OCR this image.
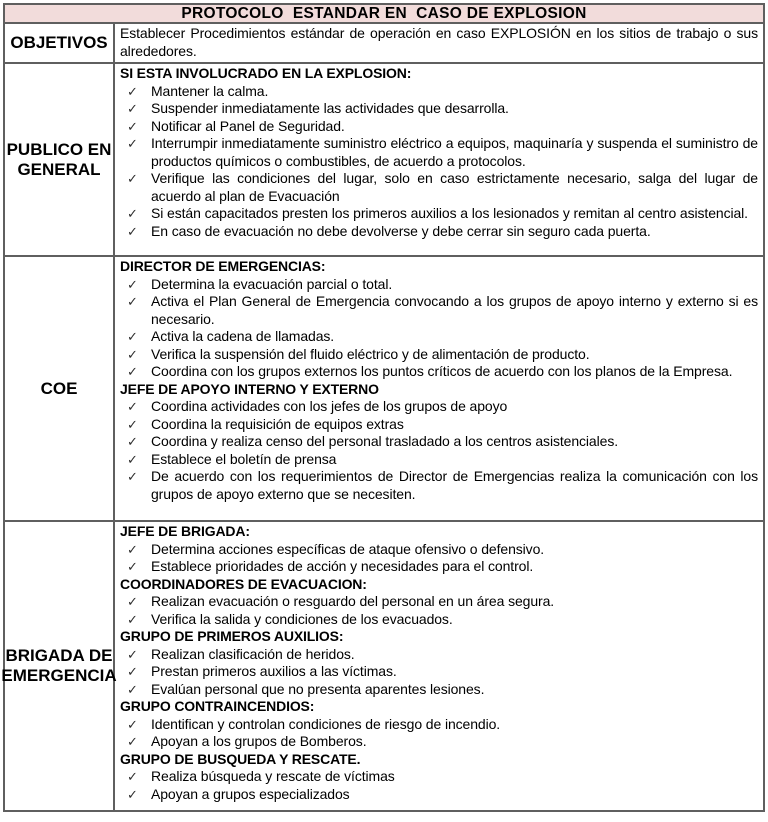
PROTOCOLO  ESTANDAR EN  CASO DE EXPLOSION
OBJETIVOS Establecer Procedimientos estándar de operación en caso EXPLOSIÓN en los sitios de trabajo o sus alrededores.
PUBLICO EN GENERAL
SI ESTA INVOLUCRADO EN LA EXPLOSION:
✓ Mantener la calma.
✓ Suspender inmediatamente las actividades que desarrolla.
✓ Notificar al Panel de Seguridad.
✓ Interrumpir inmediatamente suministro eléctrico a equipos, maquinaría y suspenda el suministro de productos químicos o combustibles, de acuerdo a protocolos.
✓ Verifique las condiciones del lugar, solo en caso estrictamente necesario, salga del lugar de acuerdo al plan de Evacuación
✓ Si están capacitados presten los primeros auxilios a los lesionados y remitan al centro asistencial.
✓ En caso de evacuación no debe devolverse y debe cerrar sin seguro cada puerta.
COE
DIRECTOR DE EMERGENCIAS:
✓ Determina la evacuación parcial o total.
✓ Activa el Plan General de Emergencia convocando a los grupos de apoyo interno y externo si es necesario.
✓ Activa la cadena de llamadas.
✓ Verifica la suspensión del fluido eléctrico y de alimentación de producto.
✓ Coordina con los grupos externos los puntos críticos de acuerdo con los planos de la Empresa.
JEFE DE APOYO INTERNO Y EXTERNO
✓ Coordina actividades con los jefes de los grupos de apoyo
✓ Coordina la requisición de equipos extras
✓ Coordina y realiza censo del personal trasladado a los centros asistenciales.
✓ Establece el boletín de prensa
✓ De acuerdo con los requerimientos de Director de Emergencias realiza la comunicación con los grupos de apoyo externo que se necesiten.
BRIGADA DE EMERGENCIA
JEFE DE BRIGADA:
✓ Determina acciones específicas de ataque ofensivo o defensivo.
✓ Establece prioridades de acción y necesidades para el control.
COORDINADORES DE EVACUACION:
✓ Realizan evacuación o resguardo del personal en un área segura.
✓ Verifica la salida y condiciones de los evacuados.
GRUPO DE PRIMEROS AUXILIOS:
✓ Realizan clasificación de heridos.
✓ Prestan primeros auxilios a las víctimas.
✓ Evalúan personal que no presenta aparentes lesiones.
GRUPO CONTRAINCENDIOS:
✓ Identifican y controlan condiciones de riesgo de incendio.
✓ Apoyan a los grupos de Bomberos.
GRUPO DE BUSQUEDA Y RESCATE.
✓ Realiza búsqueda y rescate de víctimas
✓ Apoyan a grupos especializados
